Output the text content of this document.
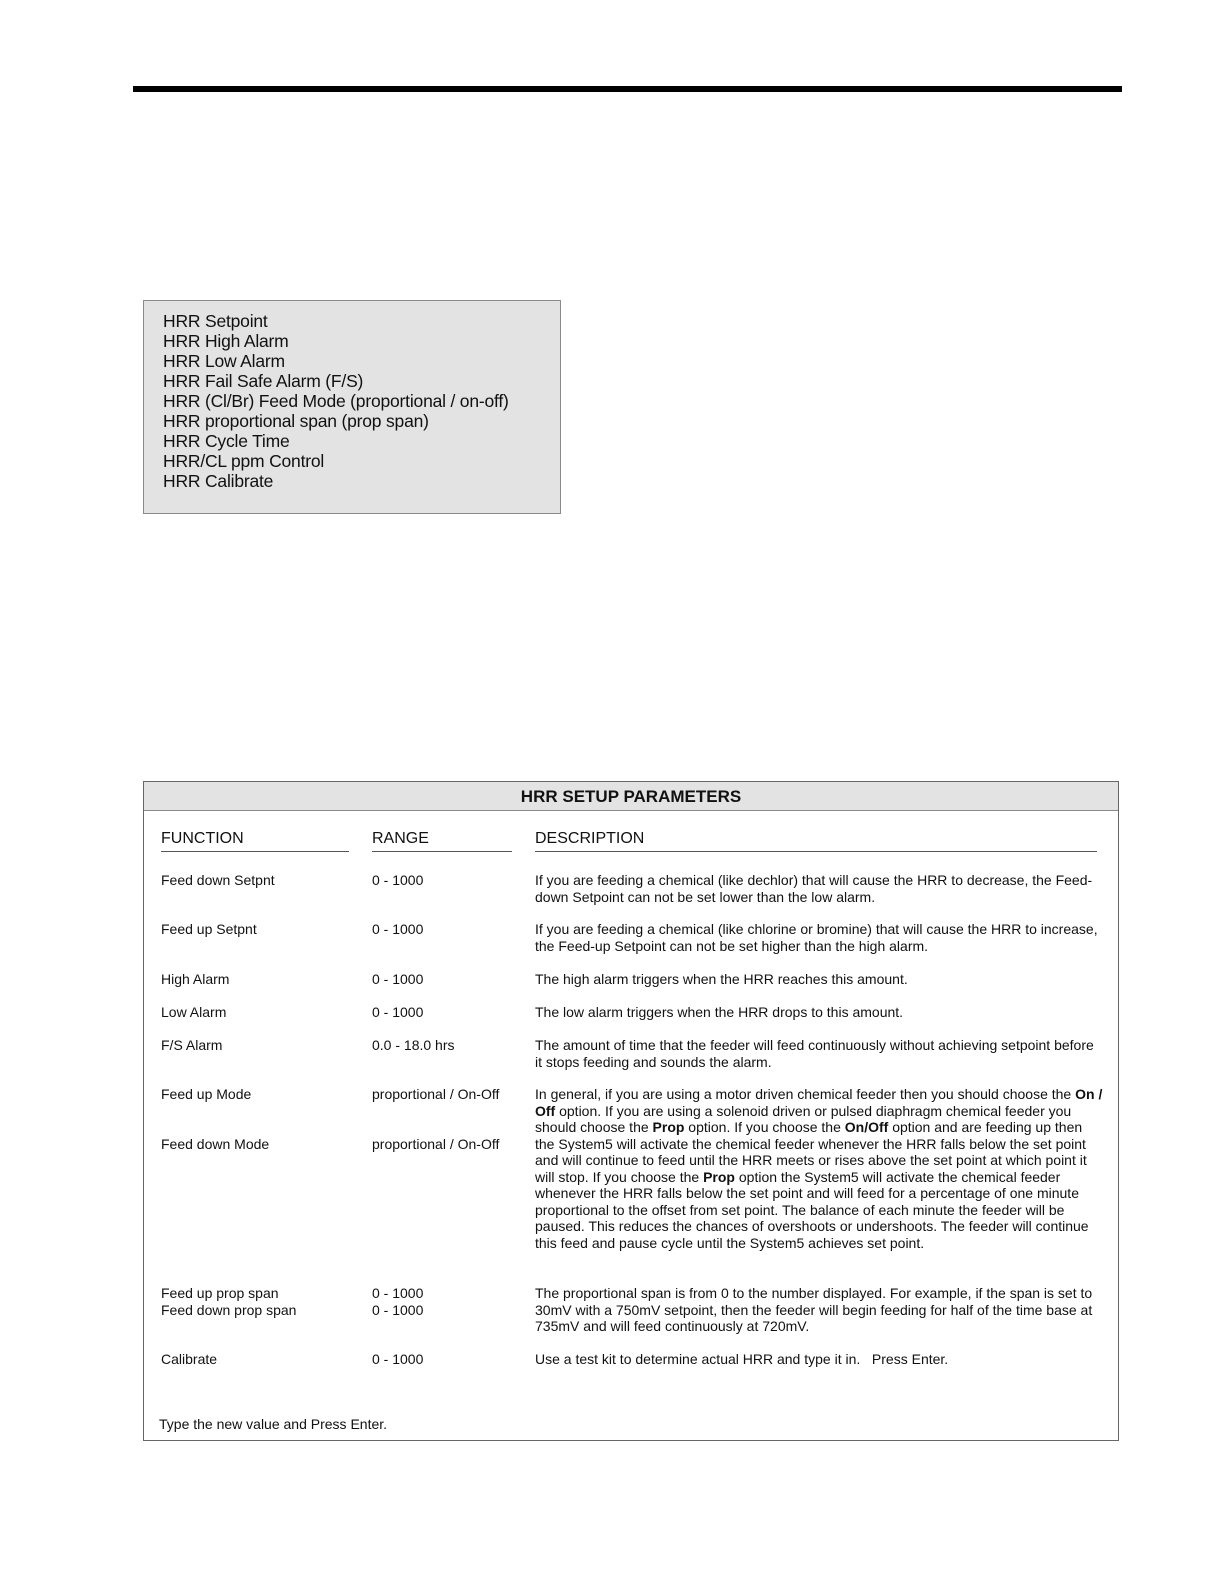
HRR Setpoint
HRR High Alarm
HRR Low Alarm
HRR Fail Safe Alarm (F/S)
HRR (Cl/Br) Feed Mode (proportional / on-off)
HRR proportional span (prop span)
HRR Cycle Time
HRR/CL ppm Control
HRR Calibrate
HRR SETUP PARAMETERS
FUNCTION	RANGE	DESCRIPTION
Feed down Setpnt	0 - 1000	If you are feeding a chemical (like dechlor) that will cause the HRR to decrease, the Feed-down Setpoint can not be set lower than the low alarm.
Feed up Setpnt	0 - 1000	If you are feeding a chemical (like chlorine or bromine) that will cause the HRR to increase, the Feed-up Setpoint can not be set higher than the high alarm.
High Alarm	0 - 1000	The high alarm triggers when the HRR reaches this amount.
Low Alarm	0 - 1000	The low alarm triggers when the HRR drops to this amount.
F/S Alarm	0.0 - 18.0 hrs	The amount of time that the feeder will feed continuously without achieving setpoint before it stops feeding and sounds the alarm.
Feed up Mode	proportional / On-Off
Feed down Mode	proportional / On-Off
In general, if you are using a motor driven chemical feeder then you should choose the On / Off option. If you are using a solenoid driven or pulsed diaphragm chemical feeder you should choose the Prop option. If you choose the On/Off option and are feeding up then the System5 will activate the chemical feeder whenever the HRR falls below the set point and will continue to feed until the HRR meets or rises above the set point at which point it will stop. If you choose the Prop option the System5 will activate the chemical feeder whenever the HRR falls below the set point and will feed for a percentage of one minute proportional to the offset from set point. The balance of each minute the feeder will be paused. This reduces the chances of overshoots or undershoots. The feeder will continue this feed and pause cycle until the System5 achieves set point.
Feed up prop span	0 - 1000
Feed down prop span	0 - 1000
The proportional span is from 0 to the number displayed. For example, if the span is set to 30mV with a 750mV setpoint, then the feeder will begin feeding for half of the time base at 735mV and will feed continuously at 720mV.
Calibrate	0 - 1000	Use a test kit to determine actual HRR and type it in.   Press Enter.
Type the new value and Press Enter.
